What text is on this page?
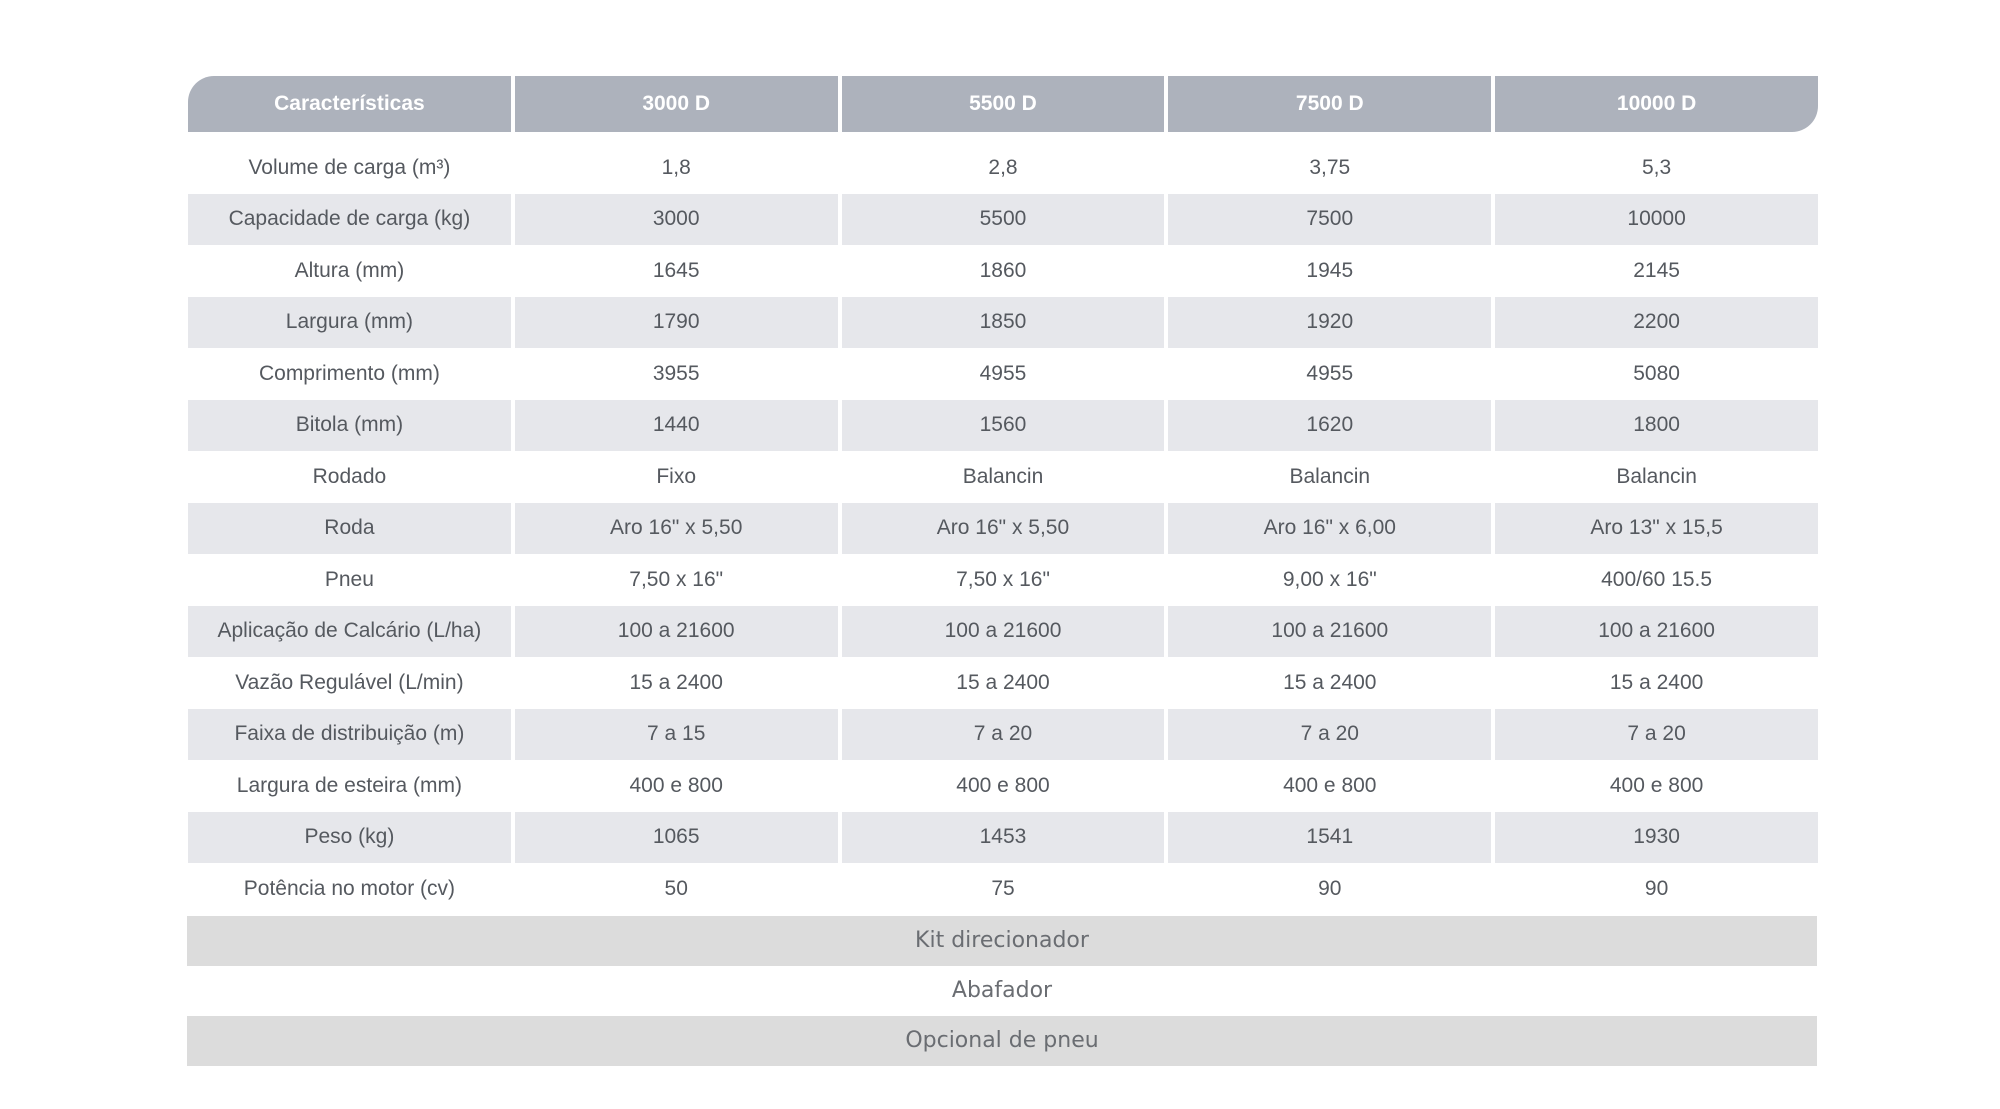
Características	3000 D	5500 D	7500 D	10000 D

Volume de carga (m³)	1,8	2,8	3,75	5,3
Capacidade de carga (kg)	3000	5500	7500	10000
Altura (mm)	1645	1860	1945	2145
Largura (mm)	1790	1850	1920	2200
Comprimento (mm)	3955	4955	4955	5080
Bitola (mm)	1440	1560	1620	1800
Rodado	Fixo	Balancin	Balancin	Balancin
Roda	Aro 16" x 5,50	Aro 16" x 5,50	Aro 16" x 6,00	Aro 13" x 15,5
Pneu	7,50 x 16"	7,50 x 16"	9,00 x 16"	400/60 15.5
Aplicação de Calcário (L/ha)	100 a 21600	100 a 21600	100 a 21600	100 a 21600
Vazão Regulável (L/min)	15 a 2400	15 a 2400	15 a 2400	15 a 2400
Faixa de distribuição (m)	7 a 15	7 a 20	7 a 20	7 a 20
Largura de esteira (mm)	400 e 800	400 e 800	400 e 800	400 e 800
Peso (kg)	1065	1453	1541	1930
Potência no motor (cv)	50	75	90	90
Kit direcionador
Abafador
Opcional de pneu
